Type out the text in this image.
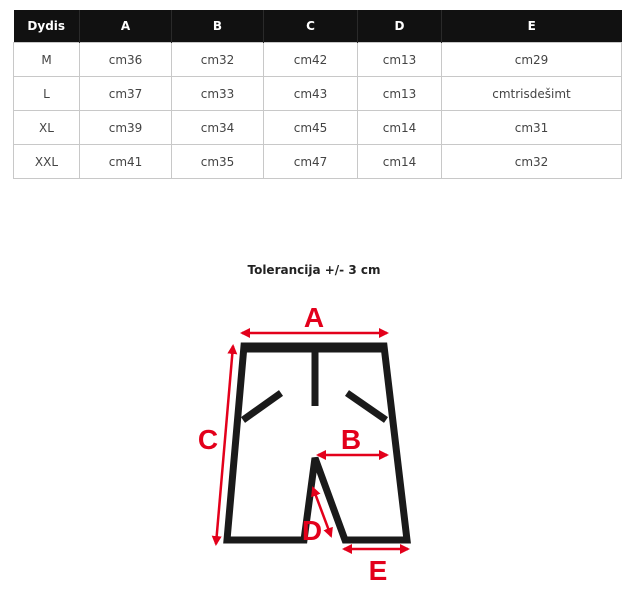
Dydis	A	B	C	D	E
M	cm36	cm32	cm42	cm13	cm29
L	cm37	cm33	cm43	cm13	cmtrisdešimt
XL	cm39	cm34	cm45	cm14	cm31
XXL	cm41	cm35	cm47	cm14	cm32
Tolerancija +/- 3 cm
A
B
C
D
E
